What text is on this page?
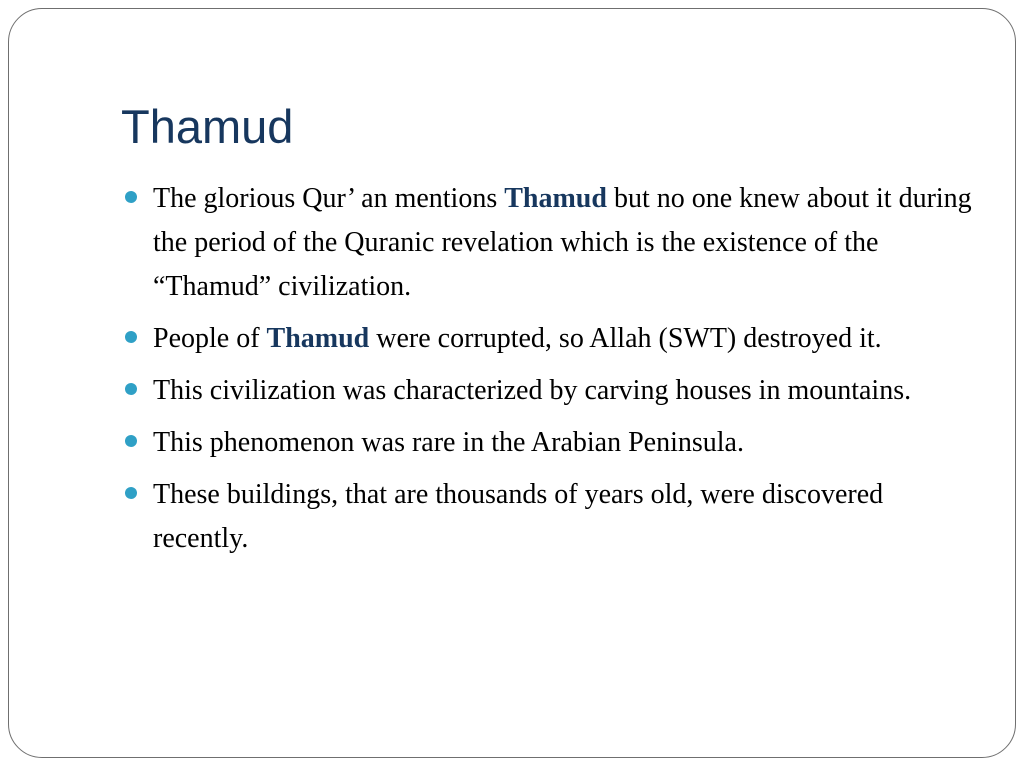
Thamud
The glorious Qur’ an mentions Thamud but no one knew about it during the period of the Quranic revelation which is the existence of the “Thamud” civilization.
People of Thamud were corrupted, so Allah (SWT) destroyed it.
This civilization was characterized by carving houses in mountains.
This phenomenon was rare in the Arabian Peninsula.
These buildings, that are thousands of years old, were discovered recently.
